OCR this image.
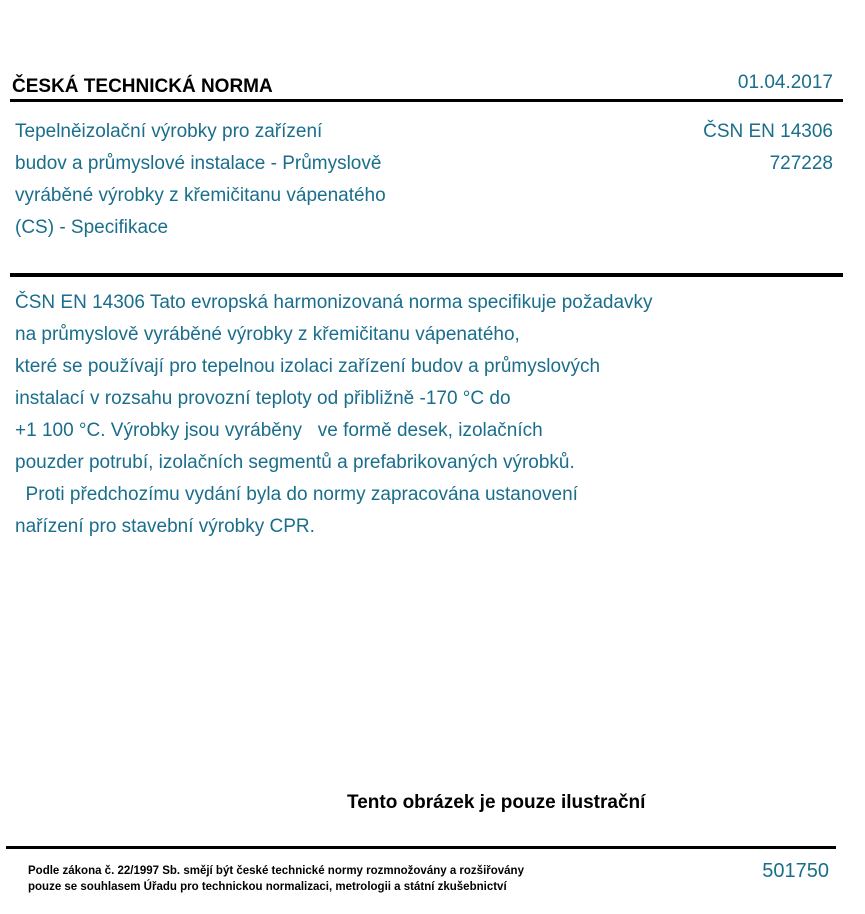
ČESKÁ TECHNICKÁ NORMA	01.04.2017
Tepelněizolační výrobky pro zařízení
budov a průmyslové instalace - Průmyslově
vyráběné výrobky z křemičitanu vápenatého
(CS) - Specifikace
ČSN EN 14306
727228
ČSN EN 14306 Tato evropská harmonizovaná norma specifikuje požadavky
na průmyslově vyráběné výrobky z křemičitanu vápenatého,
které se používají pro tepelnou izolaci zařízení budov a průmyslových
instalací v rozsahu provozní teploty od přibližně -170 °C do
+1 100 °C. Výrobky jsou vyráběny   ve formě desek, izolačních
pouzder potrubí, izolačních segmentů a prefabrikovaných výrobků.
Proti předchozímu vydání byla do normy zapracována ustanovení
nařízení pro stavební výrobky CPR.
Tento obrázek je pouze ilustrační
Podle zákona č. 22/1997 Sb. smějí být české technické normy rozmnožovány a rozšiřovány
pouze se souhlasem Úřadu pro technickou normalizaci, metrologii a státní zkušebnictví
501750
